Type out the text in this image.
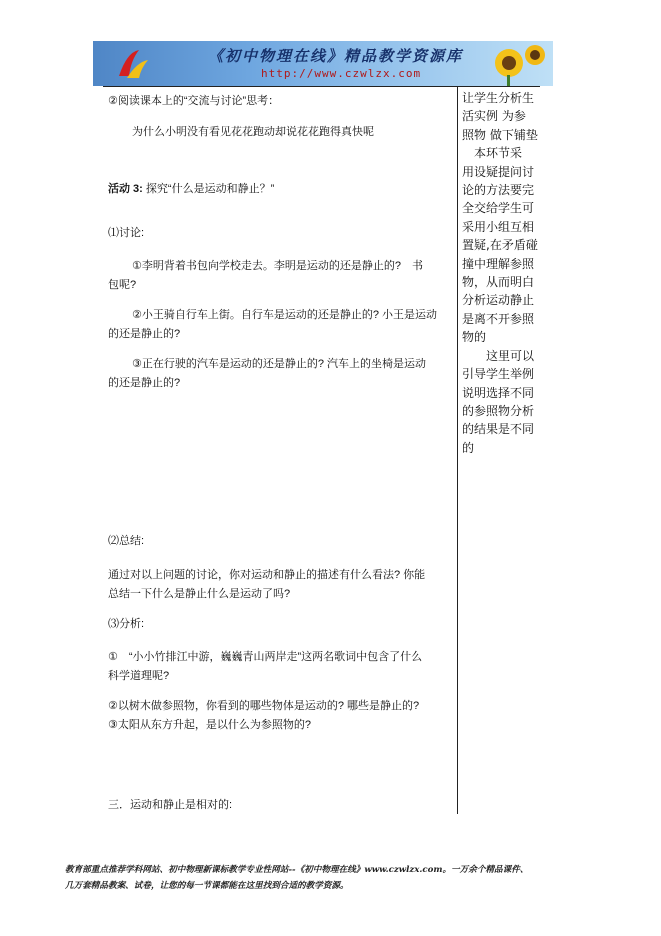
《初中物理在线》精品教学资源库
http://www.czwlzx.com
②阅读课本上的“交流与讨论”思考：
为什么小明没有看见花花跑动却说花花跑得真快呢
活动 3: 探究“什么是运动和静止？”
⑴讨论:
①李明背着书包向学校走去。李明是运动的还是静止的?　书
包呢?
②小王骑自行车上街。自行车是运动的还是静止的? 小王是运动
的还是静止的?
③正在行驶的汽车是运动的还是静止的? 汽车上的坐椅是运动
的还是静止的?
⑵总结:
通过对以上问题的讨论，你对运动和静止的描述有什么看法? 你能
总结一下什么是静止什么是运动了吗?
⑶分析:
①　“小小竹排江中游，巍巍青山两岸走”这两名歌词中包含了什么
科学道理呢?
②以树木做参照物，你看到的哪些物体是运动的? 哪些是静止的?
③太阳从东方升起，是以什么为参照物的?
三．运动和静止是相对的:
让学生分析生
活实例 为参
照物 做下铺垫
　本环节采
用设疑提问讨
论的方法要完
全交给学生可
采用小组互相
置疑,在矛盾碰
撞中理解参照
物，从而明白
分析运动静止
是离不开参照
物的
　　这里可以
引导学生举例
说明选择不同
的参照物分析
的结果是不同
的
教育部重点推荐学科网站、初中物理新课标教学专业性网站--《初中物理在线》www.czwlzx.com。一万余个精品课件、
几万套精品教案、试卷，让您的每一节课都能在这里找到合适的教学资源。
